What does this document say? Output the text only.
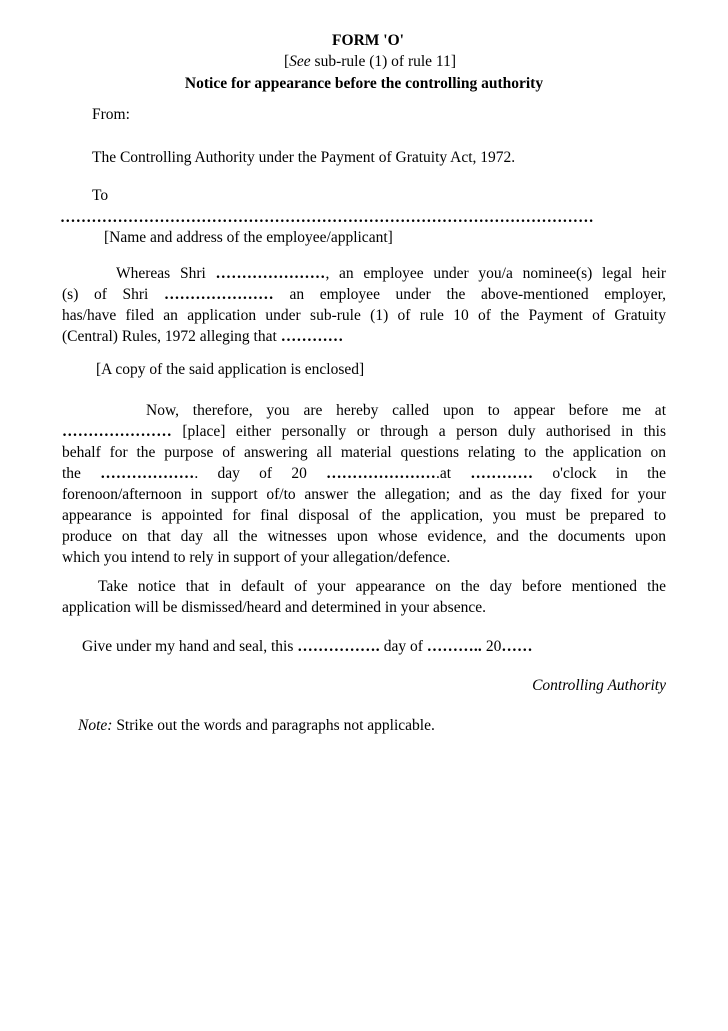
FORM 'O'
[See sub-rule (1) of rule 11]
Notice for appearance before the controlling authority
From:
The Controlling Authority under the Payment of Gratuity Act, 1972.
To
…………………………………………………………………………………………
[Name and address of the employee/applicant]
Whereas Shri …………………, an employee under you/a nominee(s) legal heir
(s) of Shri ………………… an employee under the above-mentioned employer,
has/have filed an application under sub-rule (1) of rule 10 of the Payment of Gratuity
(Central) Rules, 1972 alleging that …………
[A copy of the said application is enclosed]
Now, therefore, you are hereby called upon to appear before me at
………………… [place] either personally or through a person duly authorised in this
behalf for the purpose of answering all material questions relating to the application on
the ………………. day of 20 ………………….at ………… o'clock in the
forenoon/afternoon in support of/to answer the allegation; and as the day fixed for your
appearance is appointed for final disposal of the application, you must be prepared to
produce on that day all the witnesses upon whose evidence, and the documents upon
which you intend to rely in support of your allegation/defence.
Take notice that in default of your appearance on the day before mentioned the
application will be dismissed/heard and determined in your absence.
Give under my hand and seal, this ……………. day of ……….. 20……
Controlling Authority
Note: Strike out the words and paragraphs not applicable.
